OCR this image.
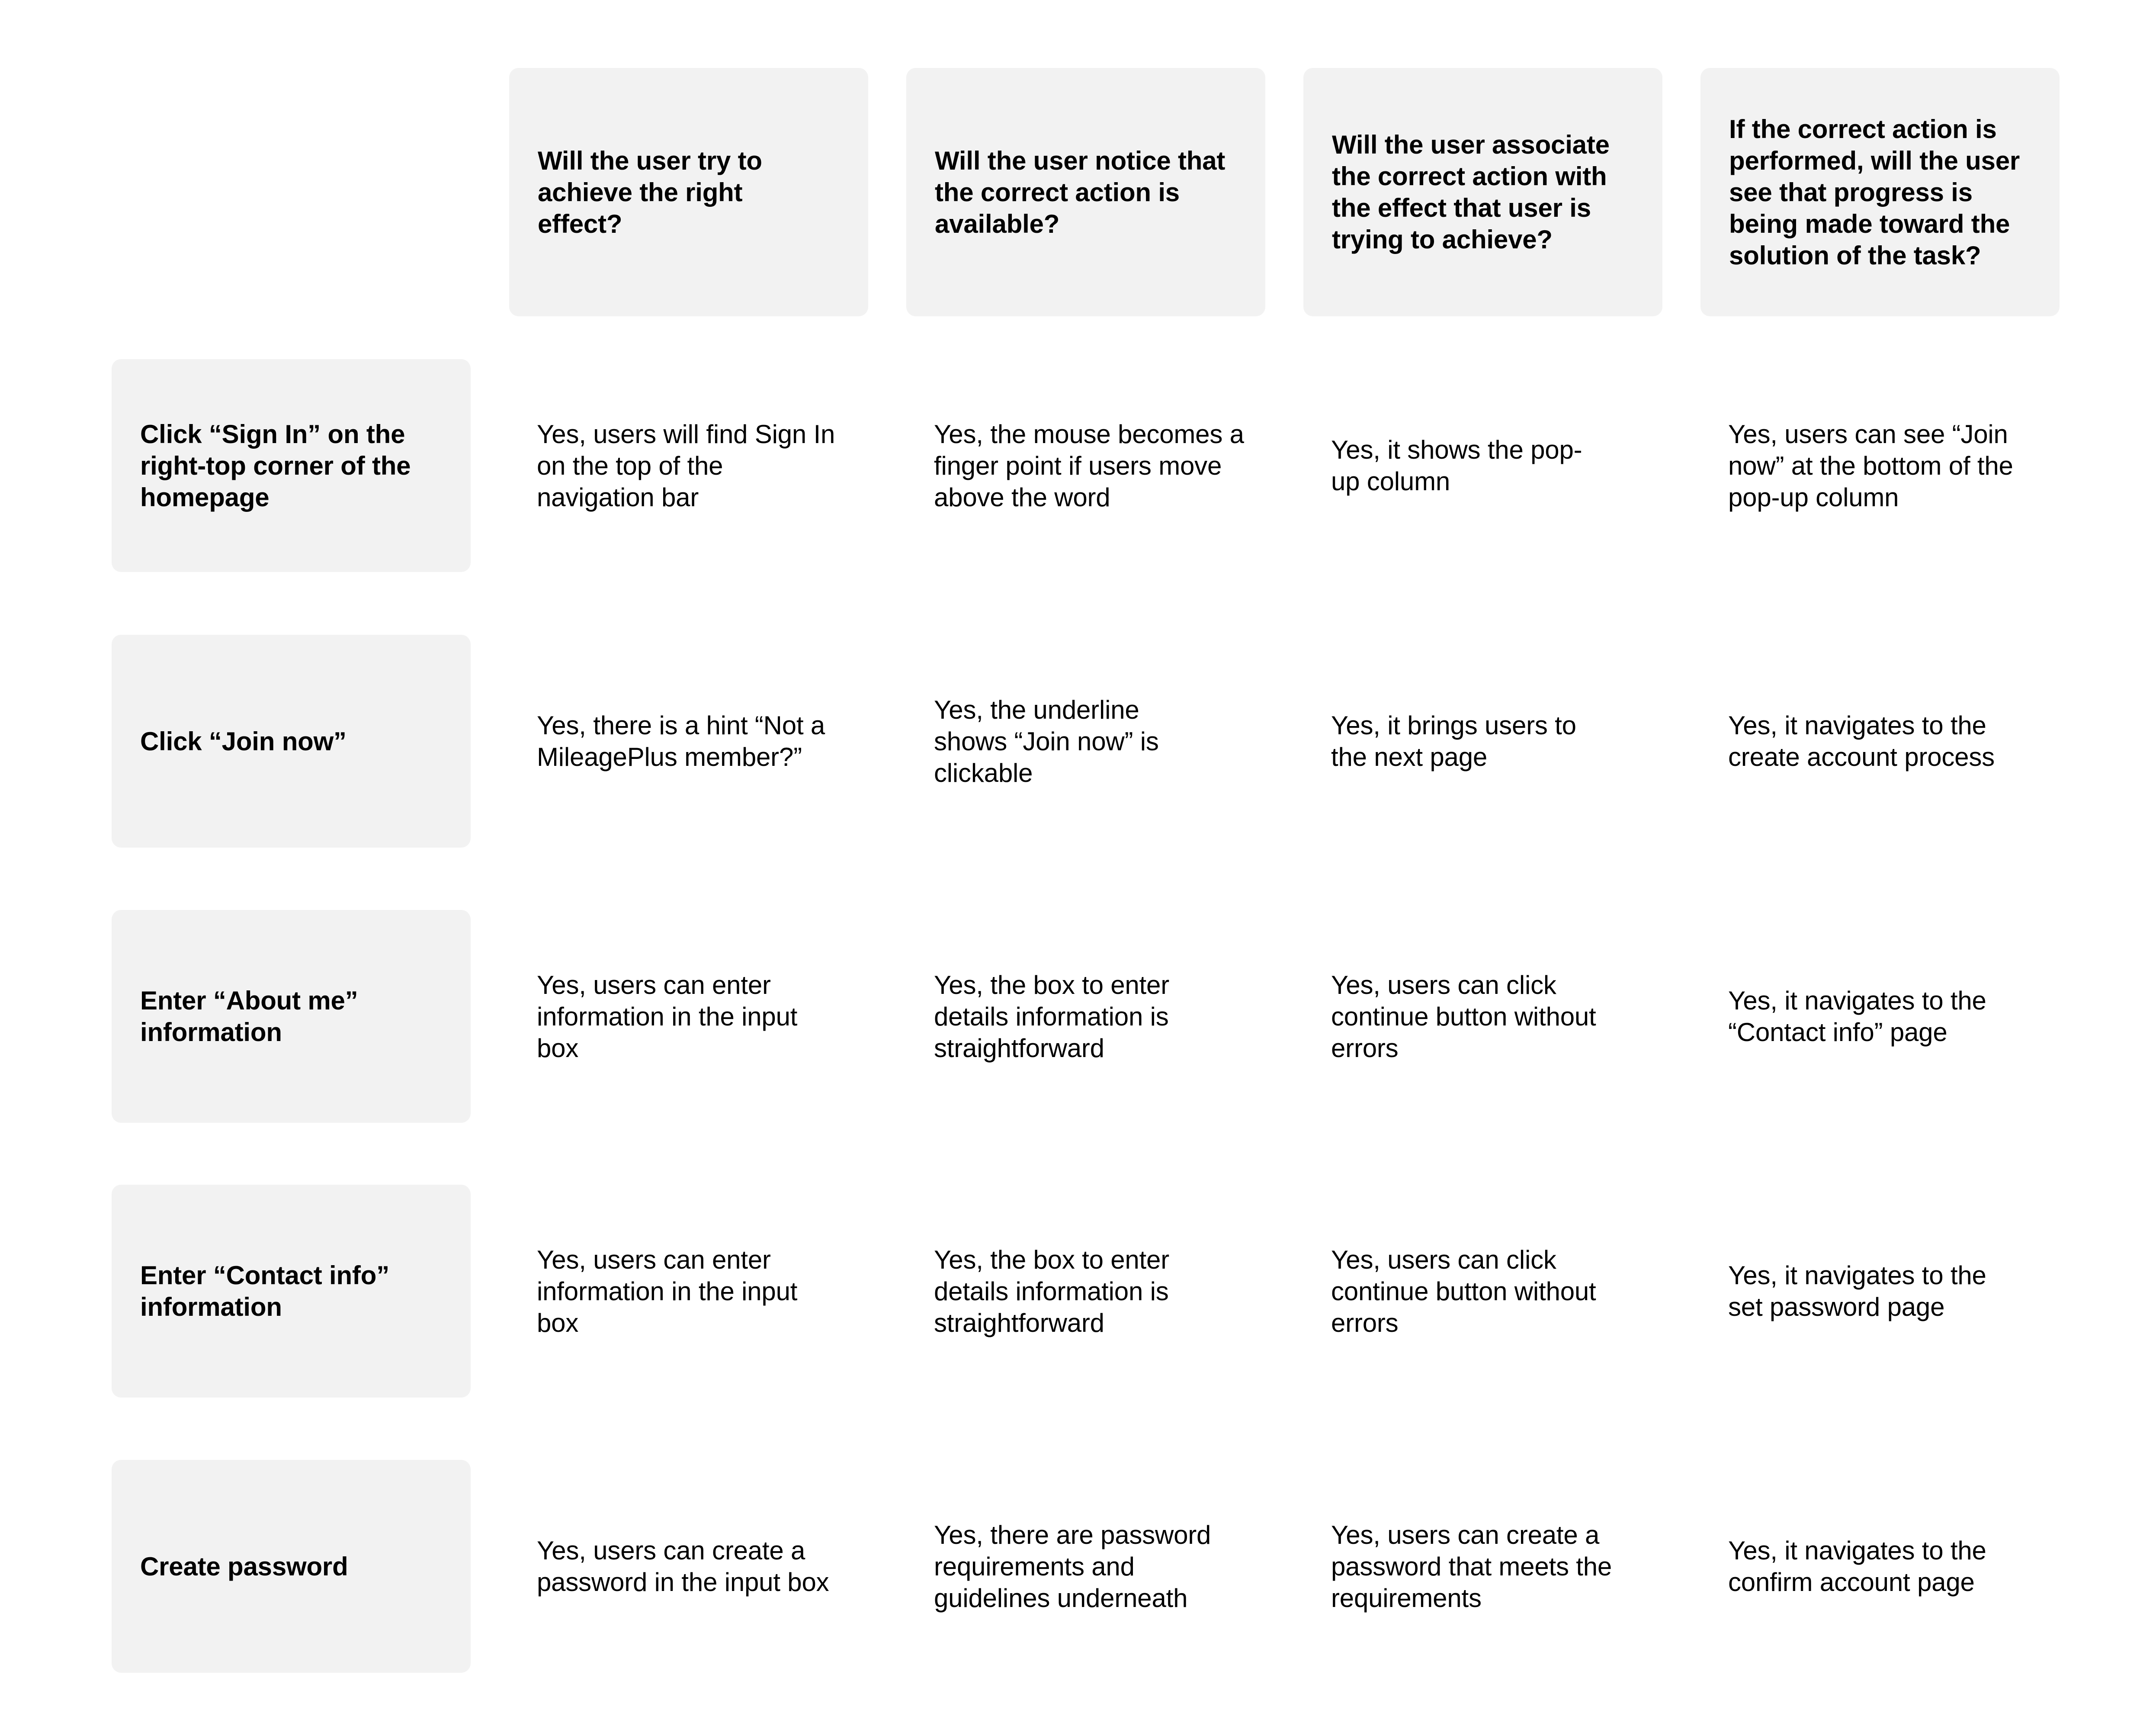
Will the user try to achieve the right effect?
Will the user notice that the correct action is available?
Will the user associate the correct action with the effect that user is trying to achieve?
If the correct action is performed, will the user see that progress is being made toward the solution of the task?
Click “Sign In” on the right-top corner of the homepage
Yes, users will find Sign In on the top of the navigation bar
Yes, the mouse becomes a finger point if users move above the word
Yes, it shows the pop-up column
Yes, users can see “Join now” at the bottom of the pop-up column
Click “Join now”
Yes, there is a hint “Not a MileagePlus member?”
Yes, the underline shows “Join now” is clickable
Yes, it brings users to the next page
Yes, it navigates to the create account process
Enter “About me” information
Yes, users can enter information in the input box
Yes, the box to enter details information is straightforward
Yes, users can click continue button without errors
Yes, it navigates to the “Contact info” page
Enter “Contact info” information
Yes, users can enter information in the input box
Yes, the box to enter details information is straightforward
Yes, users can click continue button without errors
Yes, it navigates to the set password page
Create password
Yes, users can create a password in the input box
Yes, there are password requirements and guidelines underneath
Yes, users can create a password that meets the requirements
Yes, it navigates to the confirm account page
